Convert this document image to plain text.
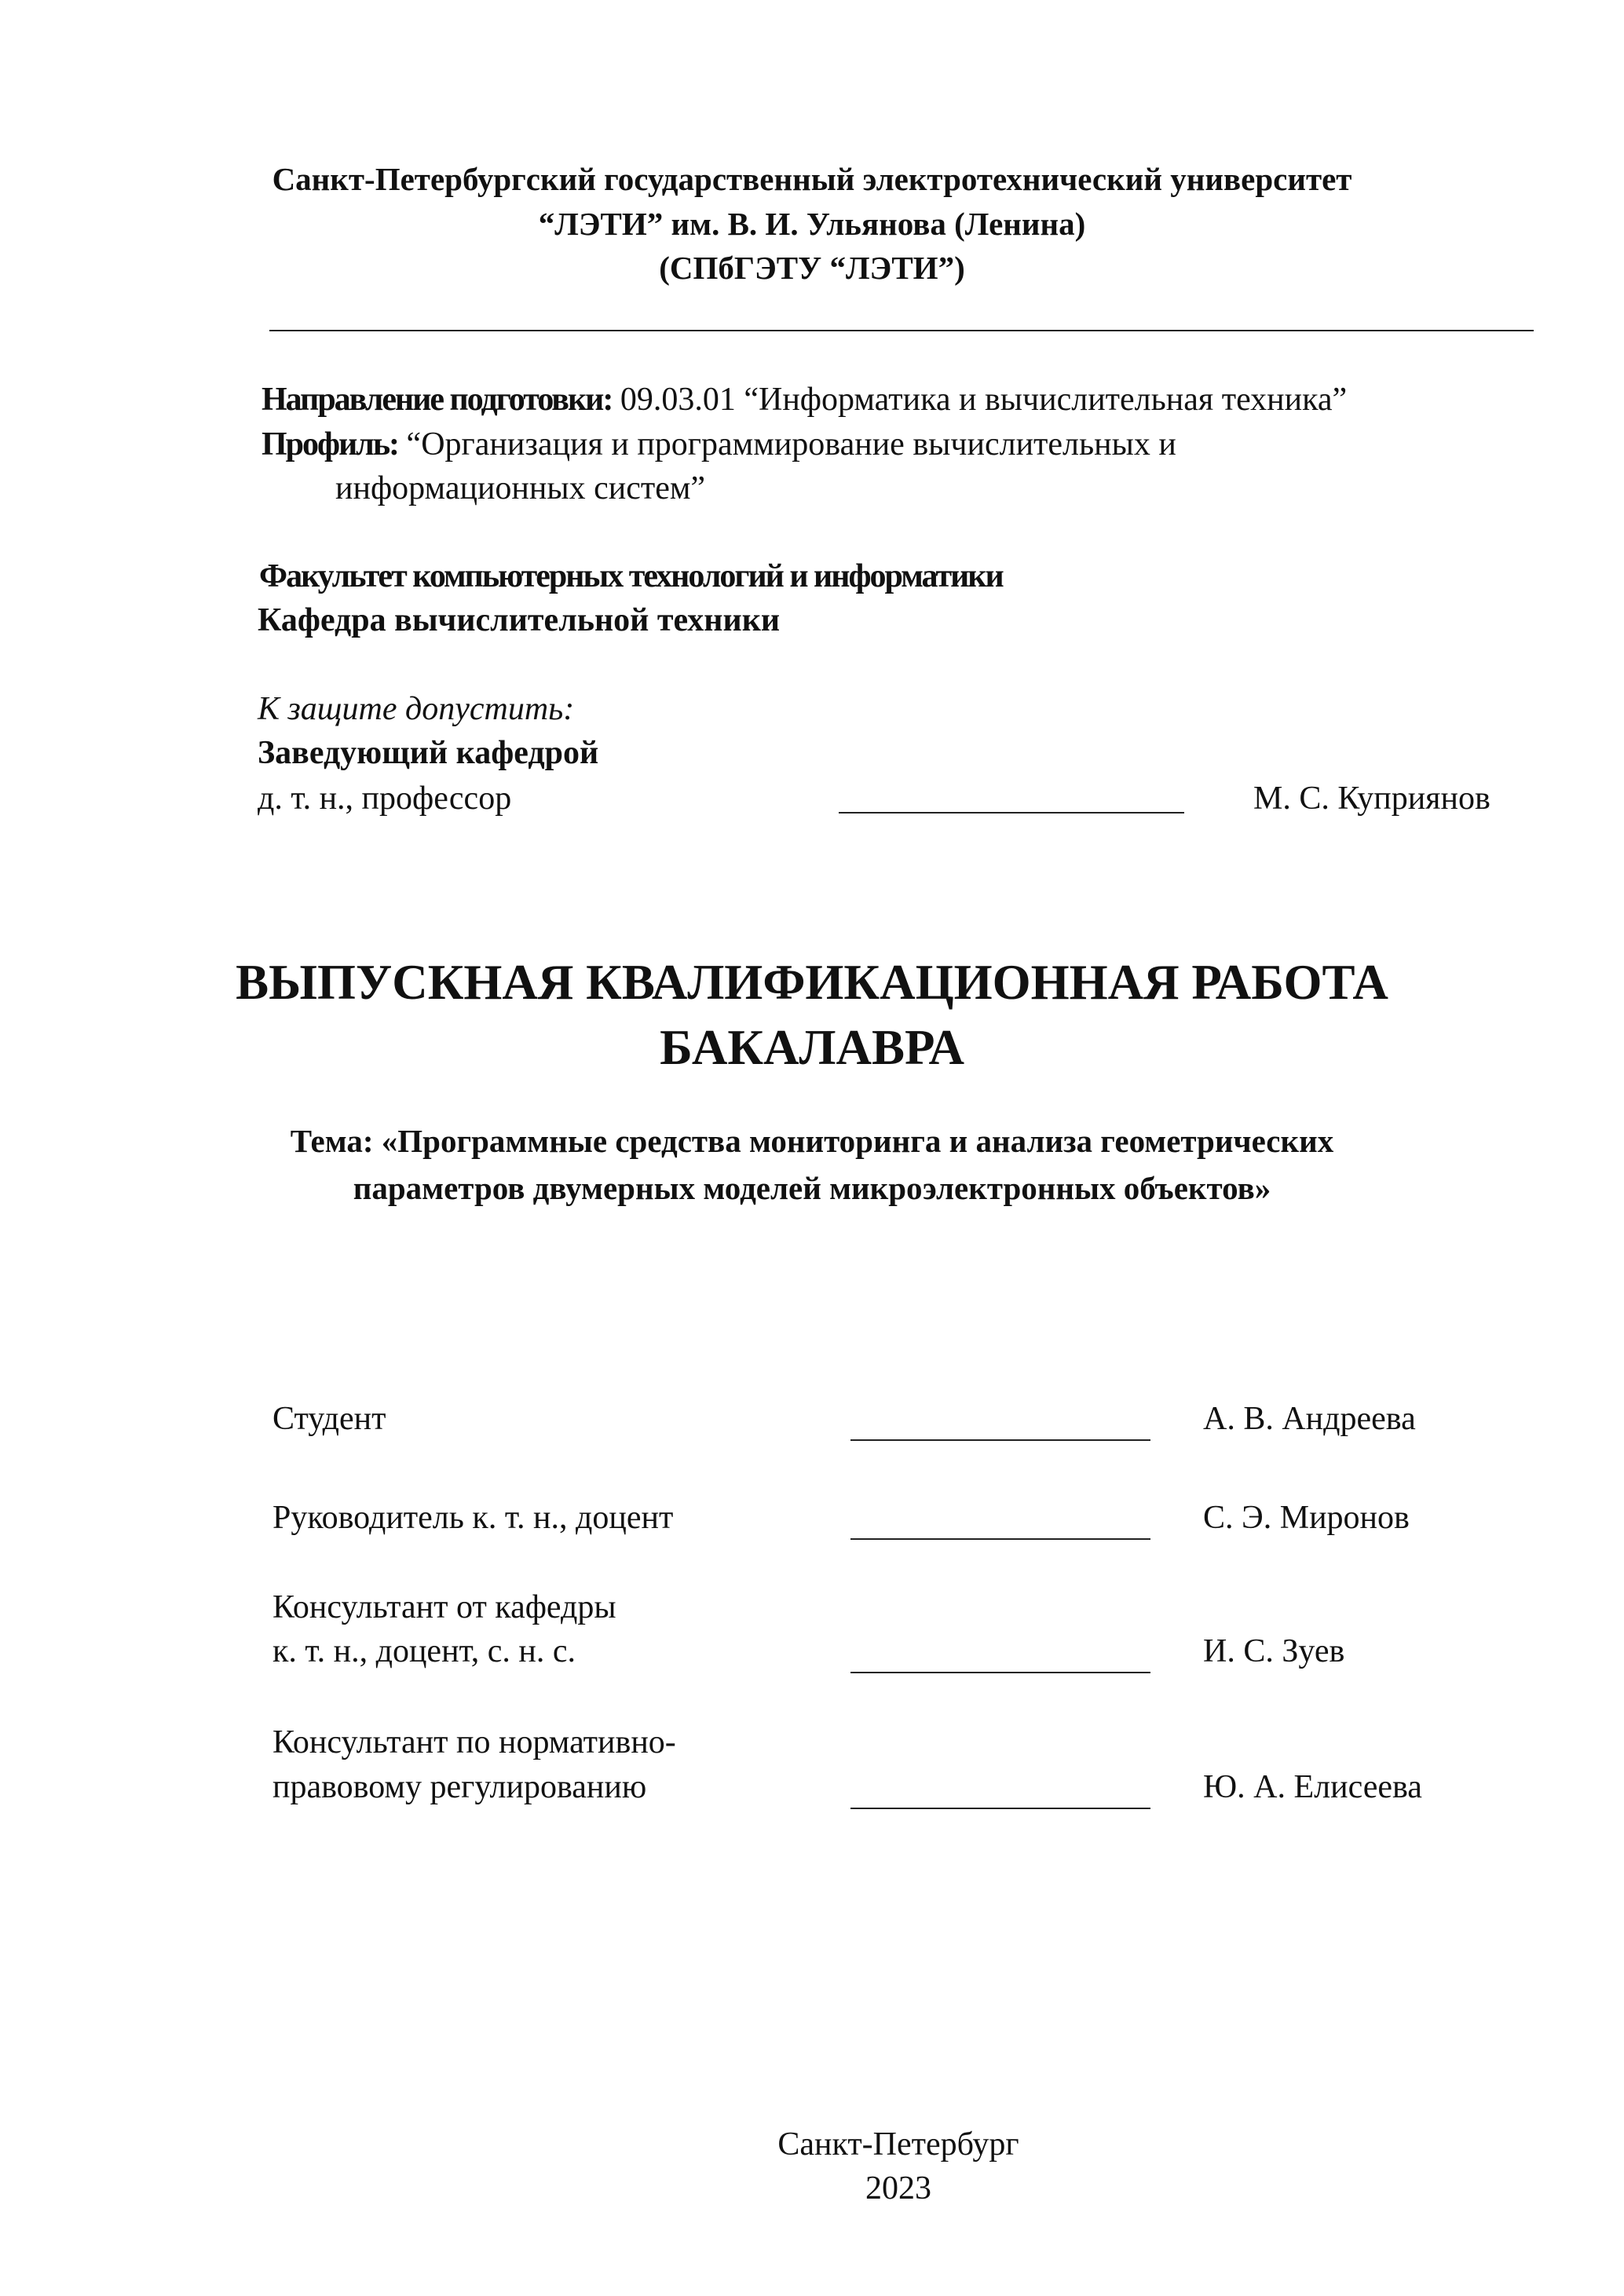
Санкт-Петербургский государственный электротехнический университет
“ЛЭТИ” им. В. И. Ульянова (Ленина)
(СПбГЭТУ “ЛЭТИ”)
Направление подготовки: 09.03.01 “Информатика и вычислительная техника”
Профиль: “Организация и программирование вычислительных и
информационных систем”
Факультет компьютерных технологий и информатики
Кафедра вычислительной техники
К защите допустить:
Заведующий кафедрой
д. т. н., профессор	М. С. Куприянов
ВЫПУСКНАЯ КВАЛИФИКАЦИОННАЯ РАБОТА
БАКАЛАВРА
Тема: «Программные средства мониторинга и анализа геометрических
параметров двумерных моделей микроэлектронных объектов»
Студент	А. В. Андреева
Руководитель к. т. н., доцент	С. Э. Миронов
Консультант от кафедры
к. т. н., доцент, с. н. с.	И. С. Зуев
Консультант по нормативно-
правовому регулированию	Ю. А. Елисеева
Санкт-Петербург
2023
